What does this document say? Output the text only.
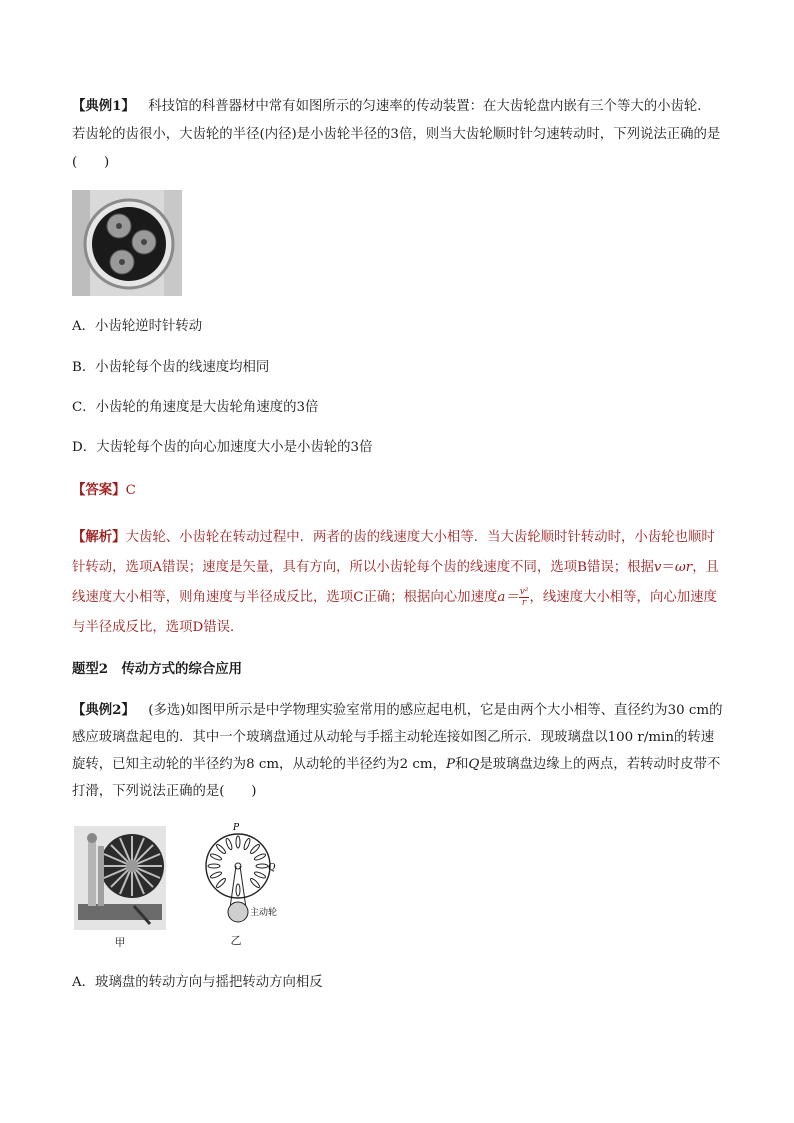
【典例1】  科技馆的科普器材中常有如图所示的匀速率的传动装置：在大齿轮盘内嵌有三个等大的小齿轮．若齿轮的齿很小，大齿轮的半径(内径)是小齿轮半径的3倍，则当大齿轮顺时针匀速转动时，下列说法正确的是(　　)

A．小齿轮逆时针转动

B．小齿轮每个齿的线速度均相同

C．小齿轮的角速度是大齿轮角速度的3倍

D．大齿轮每个齿的向心加速度大小是小齿轮的3倍

【答案】C

【解析】大齿轮、小齿轮在转动过程中．两者的齿的线速度大小相等．当大齿轮顺时针转动时，小齿轮也顺时针转动，选项A错误；速度是矢量，具有方向，所以小齿轮每个齿的线速度不同，选项B错误；根据v＝ωr，且线速度大小相等，则角速度与半径成反比，选项C正确；根据向心加速度$a= \frac{\text{v²}}{r}$ ，线速度大小相等，向心加速度与半径成反比，选项D错误．

题型2　传动方式的综合应用

【典例2】  (多选)如图甲所示是中学物理实验室常用的感应起电机，它是由两个大小相等、直径约为30 cm的感应玻璃盘起电的．其中一个玻璃盘通过从动轮与手摇主动轮连接如图乙所示．现玻璃盘以100 r/min的转速旋转，已知主动轮的半径约为8 cm，从动轮的半径约为2 cm，P和Q是玻璃盘边缘上的两点，若转动时皮带不打滑，下列说法正确的是(　　)

甲
P
Q
主动轮
乙

A．玻璃盘的转动方向与摇把转动方向相反
